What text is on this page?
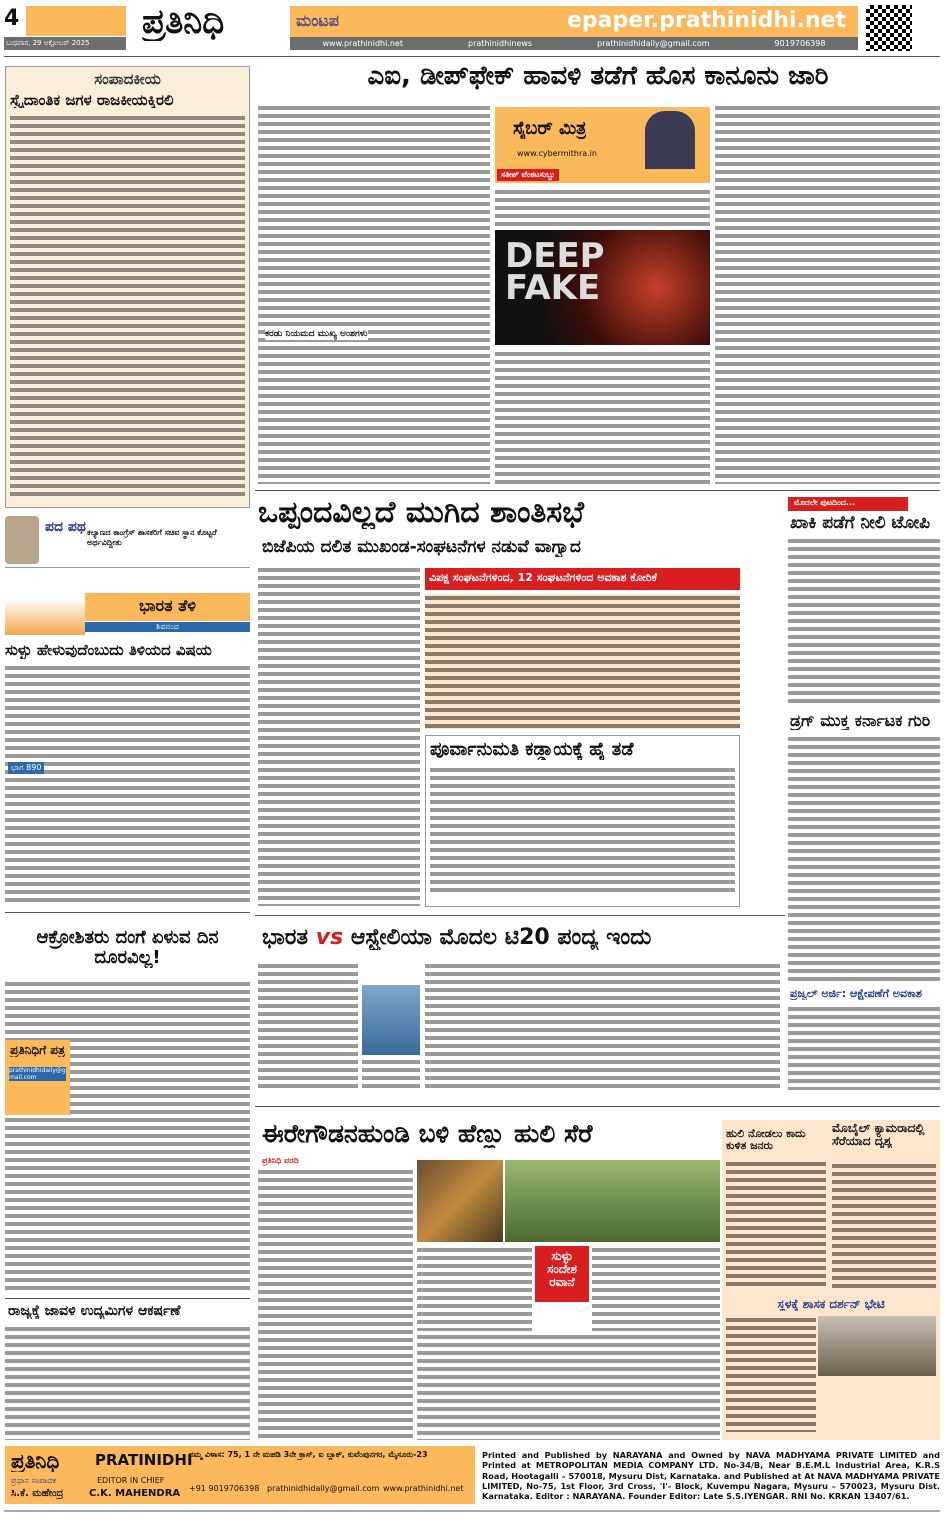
4
ಬುಧವಾರ, 29 ಅಕ್ಟೋಬರ್ 2025
ಪ್ರತಿನಿಧಿ	ಮಂಟಪ	epaper.prathinidhi.net
www.prathinidhi.net	prathinidhinews	prathinidhidaily@gmail.com	9019706398
ಸಂಪಾದಕೀಯ
ಸ್ವೈದಾಂತಿಕ ಜಗಳ ರಾಜಕೀಯಕ್ಕಿರಲಿ
ಪದ ಪಥ ಕಲ್ಯಾಣದ ಕಾಂಗ್ರೆಸ್ ಶಾಸಕರಿಗೆ ಸಚಿವ ಸ್ಥಾನ ಕೊಟ್ಟರೆ ಅರ್ಥವಿದ್ದೀತು
ಭಾರತ ತೆಳಿ
ಶಿವನಂದ
ಸುಳ್ಳು ಹೇಳುವುದೆಂಬುದು ತಿಳಿಯದ ವಿಷಯ
ಭಾಗ 890
ಆಕ್ರೋಶಿತರು ದಂಗೆ ಏಳುವ ದಿನ ದೂರವಿಲ್ಲ!
ಪ್ರತಿನಿಧಿಗೆ ಪತ್ರ
prathinidhidaily@gmail.com
ರಾಜ್ಯಕ್ಕೆ ಜಾವಳಿ ಉದ್ಯಮಿಗಳ ಆಕರ್ಷಣೆ
ಎಐ, ಡೀಪ್‌ಫೇಕ್ ಹಾವಳಿ ತಡೆಗೆ ಹೊಸ ಕಾನೂನು ಜಾರಿ
ಕರಡು ನಿಯಮದ ಮುಖ್ಯ ಅಂಶಗಳು
ಸೈಬರ್ ಮಿತ್ರ
www.cybermithra.in
ಸತೀಶ್ ವೆಂಕಟಸುಬ್ಬು
DEEP FAKE
ಒಪ್ಪಂದವಿಲ್ಲದೆ ಮುಗಿದ ಶಾಂತಿಸಭೆ
ಬಿಜೆಪಿಯ ದಲಿತ ಮುಖಂಡ-ಸಂಘಟನೆಗಳ ನಡುವೆ ವಾಗ್ವಾದ
ವಿಪಕ್ಷ ಸಂಘಟನೆಗಳಿಂದ, 12 ಸಂಘಟನೆಗಳಿಂದ ಅವಕಾಶ ಕೋರಿಕೆ
ಪೂರ್ವಾನುಮತಿ ಕಡ್ಡಾಯಕ್ಕೆ ಹೈ ತಡೆ
ಮೊದಲೇ ಪುಟದಿಂದ...
ಖಾಕಿ ಪಡೆಗೆ ನೀಲಿ ಟೋಪಿ
ಡ್ರಗ್ ಮುಕ್ತ ಕರ್ನಾಟಕ ಗುರಿ
ಪ್ರಜ್ವಲ್ ಅರ್ಜಿ: ಆಕ್ಷೇಪಣೆಗೆ ಅವಕಾಶ
ಭಾರತ vs ಆಸ್ಟ್ರೇಲಿಯಾ ಮೊದಲ ಟಿ20 ಪಂದ್ಯ ಇಂದು
ಈರೇಗೌಡನಹುಂಡಿ ಬಳಿ ಹೆಣ್ಣು ಹುಲಿ ಸೆರೆ
ಪ್ರತಿನಿಧಿ ವರದಿ
ಸುಳ್ಳು ಸಂದೇಶ ರವಾನೆ
ಹುಲಿ ನೋಡಲು ಕಾದು ಕುಳಿತ ಜನರು
ಮೊಬೈಲ್ ಕ್ಯಾಮರಾದಲ್ಲಿ ಸೆರೆಯಾದ ದೃಶ್ಯ
ಸ್ಥಳಕ್ಕೆ ಶಾಸಕ ದರ್ಶನ್ ಭೇಟಿ
ಪ್ರತಿನಿಧಿ PRATINIDHI
ಪ್ರಧಾನ ಸಂಪಾದಕ
ಸಿ.ಕೆ. ಮಹೇಂದ್ರ
EDITOR IN CHIEF
C.K. MAHENDRA
ನಮ್ಮ ವಿಳಾಸ: 75, 1 ನೇ ಮಹಡಿ 3ನೇ ಕ್ರಾಸ್, ಐ ಬ್ಲಾಕ್, ಕುವೆಂಪುನಗರ, ಮೈಸೂರು-23
+91 9019706398 prathinidhidaily@gmail.com www.prathinidhi.net
Printed and Published by NARAYANA and Owned by NAVA MADHYAMA PRIVATE LIMITED and Printed at METROPOLITAN MEDIA COMPANY LTD. No-34/B, Near B.E.M.L Industrial Area, K.R.S Road, Hootagalli – 570018, Mysuru Dist, Karnataka. and Published at At NAVA MADHYAMA PRIVATE LIMITED, No-75, 1st Floor, 3rd Cross, 'I'- Block, Kuvempu Nagara, Mysuru – 570023, Mysuru Dist. Karnataka. Editor : NARAYANA. Founder Editor: Late S.S.IYENGAR. RNI No. KRKAN 13407/61.
